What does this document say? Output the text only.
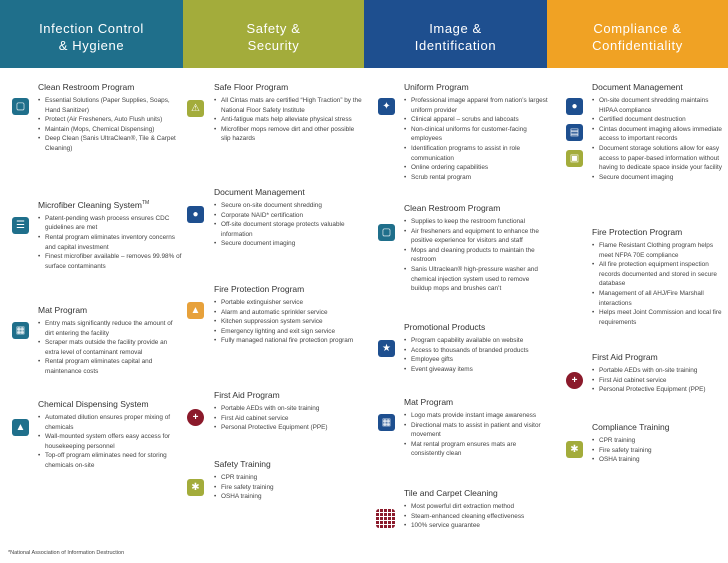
Infection Control
& Hygiene
Safety &
Security
Image &
Identification
Compliance &
Confidentiality
▢
Clean Restroom Program
• Essential Solutions (Paper Supplies, Soaps, Hand Sanitizer)
• Protect (Air Fresheners, Auto Flush units)
• Maintain (Mops, Chemical Dispensing)
• Deep Clean (Sanis UltraClean®, Tile & Carpet Cleaning)
☰
Microfiber Cleaning System™
• Patent-pending wash process ensures CDC guidelines are met
• Rental program eliminates inventory concerns and capital investment
• Finest microfiber available – removes 99.98% of surface contaminants
▦
Mat Program
• Entry mats significantly reduce the amount of dirt entering the facility
• Scraper mats outside the facility provide an extra level of contaminant removal
• Rental program eliminates capital and maintenance costs
▲
Chemical Dispensing System
• Automated dilution ensures proper mixing of chemicals
• Wall-mounted system offers easy access for housekeeping personnel
• Top-off program eliminates need for storing chemicals on-site
⚠
Safe Floor Program
• All Cintas mats are certified “High Traction” by the National Floor Safety Institute
• Anti-fatigue mats help alleviate physical stress
• Microfiber mops remove dirt and other possible slip hazards
●
Document Management
• Secure on-site document shredding
• Corporate NAID* certification
• Off-site document storage protects valuable information
• Secure document imaging
▲
Fire Protection Program
• Portable extinguisher service
• Alarm and automatic sprinkler service
• Kitchen suppression system service
• Emergency lighting and exit sign service
• Fully managed national fire protection program
+
First Aid Program
• Portable AEDs with on-site training
• First Aid cabinet service
• Personal Protective Equipment (PPE)
✱
Safety Training
• CPR training
• Fire safety training
• OSHA training
✦
Uniform Program
• Professional image apparel from nation’s largest uniform provider
• Clinical apparel – scrubs and labcoats
• Non-clinical uniforms for customer-facing employees
• Identification programs to assist in role communication
• Online ordering capabilities
• Scrub rental program
▢
Clean Restroom Program
• Supplies to keep the restroom functional
• Air fresheners and equipment to enhance the positive experience for visitors and staff
• Mops and cleaning products to maintain the restroom
• Sanis Ultraclean® high-pressure washer and chemical injection system used to remove buildup mops and brushes can’t
★
Promotional Products
• Program capability available on website
• Access to thousands of branded products
• Employee gifts
• Event giveaway items
▦
Mat Program
• Logo mats provide instant image awareness
• Directional mats to assist in patient and visitor movement
• Mat rental program ensures mats are consistently clean
Tile and Carpet Cleaning
• Most powerful dirt extraction method
• Steam-enhanced cleaning effectiveness
• 100% service guarantee
●
▤
▣
Document Management
• On-site document shredding maintains HIPAA compliance
• Certified document destruction
• Cintas document imaging allows immediate access to important records
• Document storage solutions allow for easy access to paper-based information without having to dedicate space inside your facility
• Secure document imaging
Fire Protection Program
• Flame Resistant Clothing program helps meet NFPA 70E compliance
• All fire protection equipment inspection records documented and stored in secure database
• Management of all AHJ/Fire Marshall interactions
• Helps meet Joint Commission and local fire requirements
+
First Aid Program
• Portable AEDs with on-site training
• First Aid cabinet service
• Personal Protective Equipment (PPE)
✱
Compliance Training
• CPR training
• Fire safety training
• OSHA training
*National Association of Information Destruction
